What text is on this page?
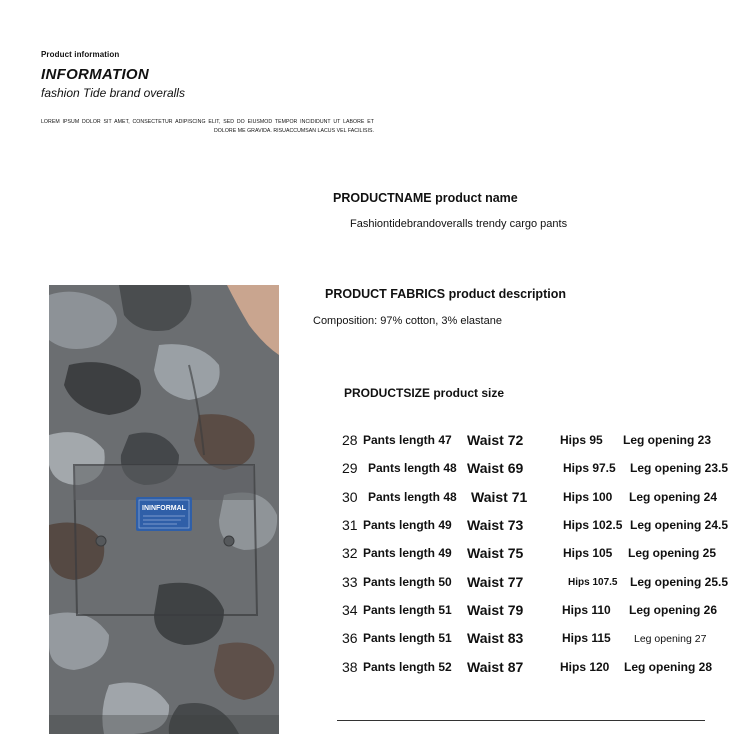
Product information
INFORMATION
fashion Tide brand overalls
LOREM IPSUM DOLOR SIT AMET, CONSECTETUR ADIPISCING ELIT, SED DO EIUSMOD TEMPOR INCIDIDUNT UT LABORE ET DOLORE ME GRAVIDA. RISUACCUMSAN LACUS VEL FACILISIS.
PRODUCTNAME product name
Fashiontidebrandoveralls trendy cargo pants
PRODUCT FABRICS product description
Composition: 97% cotton, 3% elastane
ININFORMAL
PRODUCTSIZE product size
28 Pants length 47 Waist 72	Hips 95 Leg opening 23
29 Pants length 48 Waist 69	Hips 97.5 Leg opening 23.5
30 Pants length 48 Waist 71	Hips 100 Leg opening 24
31 Pants length 49 Waist 73	Hips 102.5 Leg opening 24.5
32 Pants length 49 Waist 75	Hips 105 Leg opening 25
33 Pants length 50 Waist 77	Hips 107.5 Leg opening 25.5
34 Pants length 51 Waist 79	Hips 110 Leg opening 26
36 Pants length 51 Waist 83	Hips 115 Leg opening 27
38 Pants length 52 Waist 87	Hips 120 Leg opening 28
